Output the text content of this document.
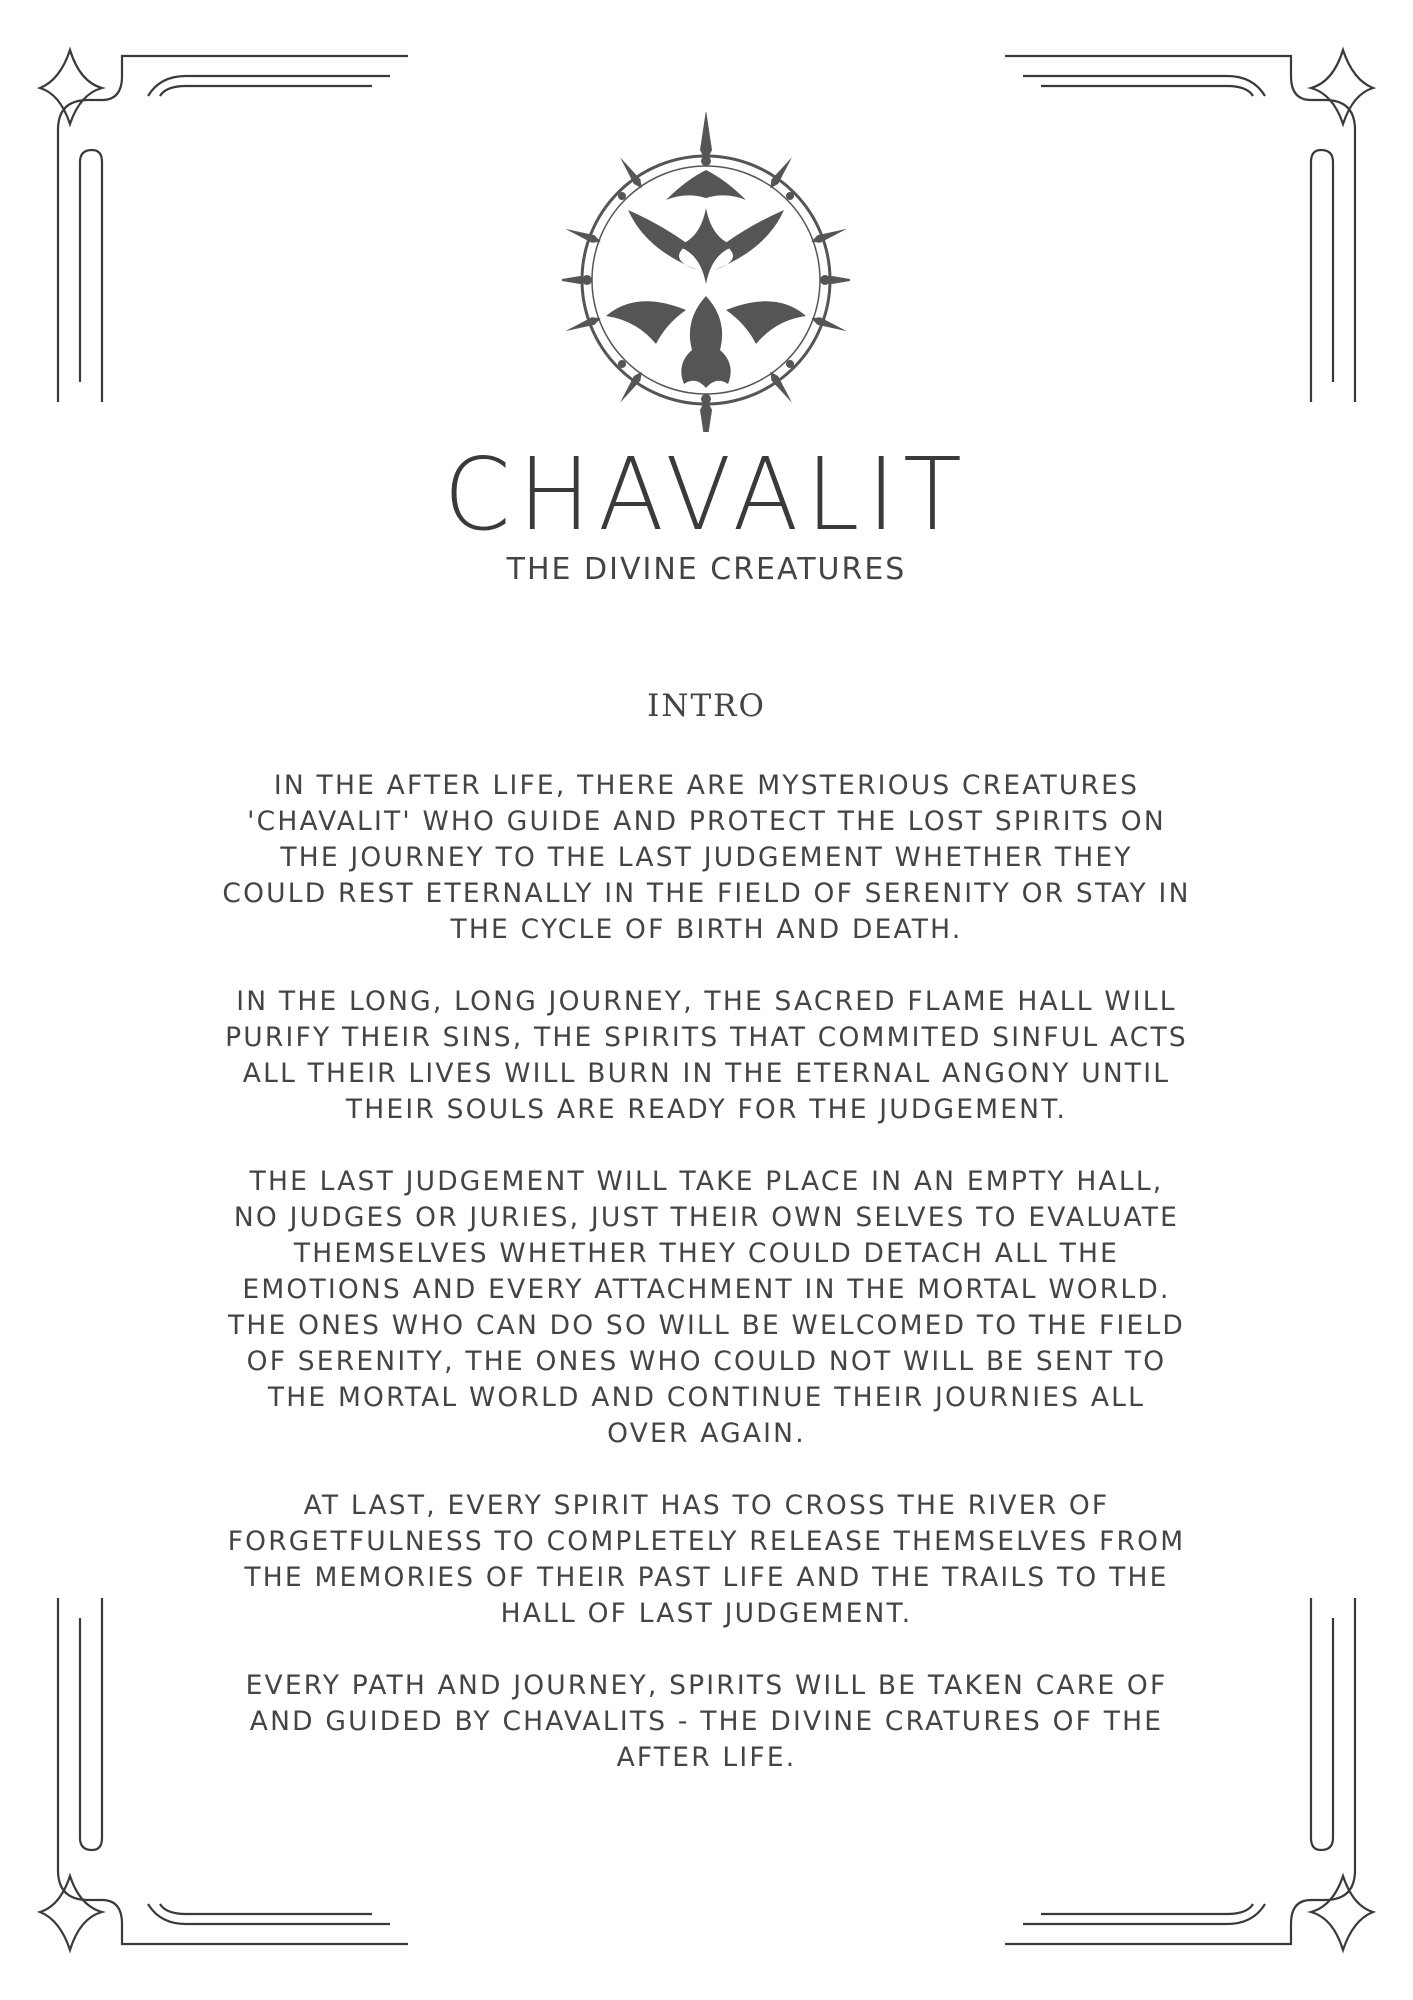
CHAVALIT
THE DIVINE CREATURES
INTRO

IN THE AFTER LIFE, THERE ARE MYSTERIOUS CREATURES
'CHAVALIT' WHO GUIDE AND PROTECT THE LOST SPIRITS ON
THE JOURNEY TO THE LAST JUDGEMENT WHETHER THEY
COULD REST ETERNALLY IN THE FIELD OF SERENITY OR STAY IN
THE CYCLE OF BIRTH AND DEATH.

IN THE LONG, LONG JOURNEY, THE SACRED FLAME HALL WILL
PURIFY THEIR SINS, THE SPIRITS THAT COMMITED SINFUL ACTS
ALL THEIR LIVES WILL BURN IN THE ETERNAL ANGONY UNTIL
THEIR SOULS ARE READY FOR THE JUDGEMENT.

THE LAST JUDGEMENT WILL TAKE PLACE IN AN EMPTY HALL,
NO JUDGES OR JURIES, JUST THEIR OWN SELVES TO EVALUATE
THEMSELVES WHETHER THEY COULD DETACH ALL THE
EMOTIONS AND EVERY ATTACHMENT IN THE MORTAL WORLD.
THE ONES WHO CAN DO SO WILL BE WELCOMED TO THE FIELD
OF SERENITY, THE ONES WHO COULD NOT WILL BE SENT TO
THE MORTAL WORLD AND CONTINUE THEIR JOURNIES ALL
OVER AGAIN.

AT LAST, EVERY SPIRIT HAS TO CROSS THE RIVER OF
FORGETFULNESS TO COMPLETELY RELEASE THEMSELVES FROM
THE MEMORIES OF THEIR PAST LIFE AND THE TRAILS TO THE
HALL OF LAST JUDGEMENT.

EVERY PATH AND JOURNEY, SPIRITS WILL BE TAKEN CARE OF
AND GUIDED BY CHAVALITS - THE DIVINE CRATURES OF THE
AFTER LIFE.
